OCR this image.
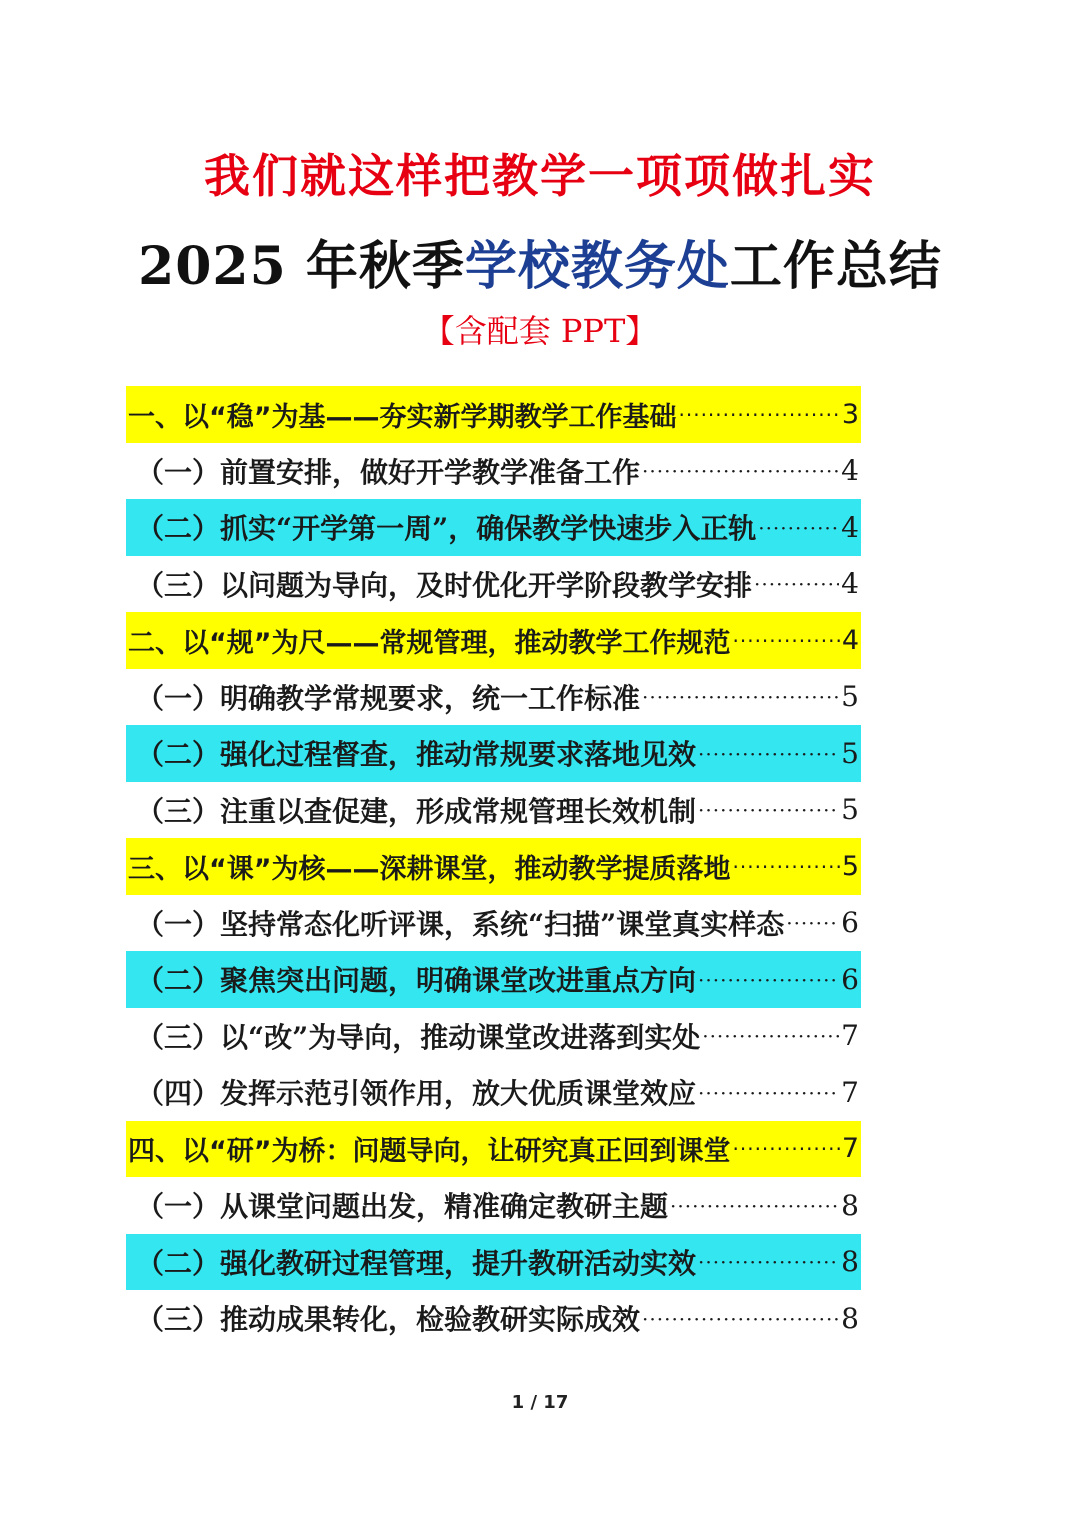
我们就这样把教学一项项做扎实
2025 年秋季学校教务处工作总结
【含配套 PPT】
一、以“稳”为基——夯实新学期教学工作基础 ·····	3
（一）前置安排，做好开学教学准备工作 ·····	4
（二）抓实“开学第一周”，确保教学快速步入正轨 ·····	4
（三）以问题为导向，及时优化开学阶段教学安排 ·····	4
二、以“规”为尺——常规管理，推动教学工作规范 ·····	4
（一）明确教学常规要求，统一工作标准 ·····	5
（二）强化过程督查，推动常规要求落地见效 ·····	5
（三）注重以查促建，形成常规管理长效机制 ·····	5
三、以“课”为核——深耕课堂，推动教学提质落地 ·····	5
（一）坚持常态化听评课，系统“扫描”课堂真实样态 ····· 6
（二）聚焦突出问题，明确课堂改进重点方向 ·····	6
（三）以“改”为导向，推动课堂改进落到实处 ·····	7
（四）发挥示范引领作用，放大优质课堂效应 ·····	7
四、以“研”为桥：问题导向，让研究真正回到课堂 ·····	7
（一）从课堂问题出发，精准确定教研主题 ·····	8
（二）强化教研过程管理，提升教研活动实效 ·····	8
（三）推动成果转化，检验教研实际成效 ·····	8
1 / 17
